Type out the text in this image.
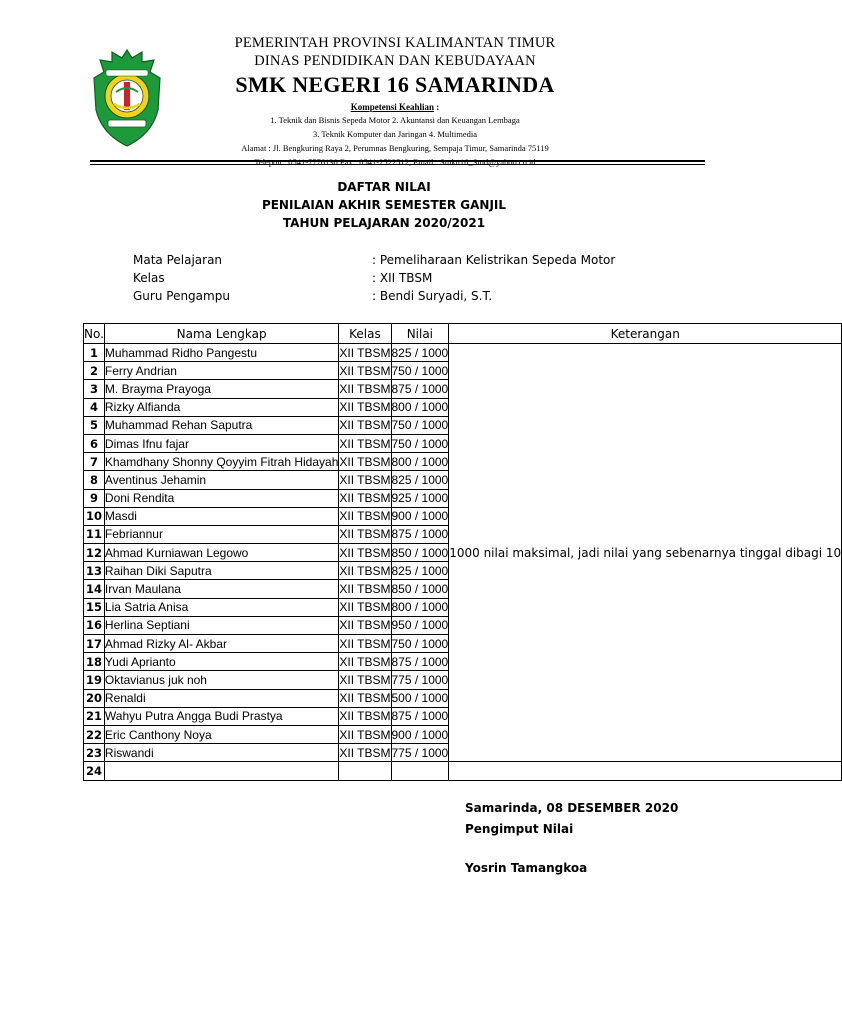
PEMERINTAH PROVINSI KALIMANTAN TIMUR
DINAS PENDIDIKAN DAN KEBUDAYAAN
SMK NEGERI 16 SAMARINDA
Kompetensi Keahlian :
1. Teknik dan Bisnis Sepeda Motor 2. Akuntansi dan Keuangan Lembaga
3. Teknik Komputer dan Jaringan 4. Multimedia
Alamat : Jl. Bengkuring Raya 2, Perumnas Bengkuring, Sempaja Timur, Samarinda 75119
Telepon : 0541-7776130 Fax : 0541-2522512, Email : Smkn16_Smd@yahoo.co.id
DAFTAR NILAI
PENILAIAN AKHIR SEMESTER GANJIL
TAHUN PELAJARAN 2020/2021
Mata Pelajaran	: Pemeliharaan Kelistrikan Sepeda Motor
Kelas	: XII TBSM
Guru Pengampu	: Bendi Suryadi, S.T.
No.	Nama Lengkap	Kelas	Nilai	Keterangan
1	Muhammad Ridho Pangestu	XII TBSM	825 / 1000	1000 nilai maksimal, jadi nilai yang sebenarnya tinggal dibagi 10
2	Ferry Andrian	XII TBSM	750 / 1000	
3	M. Brayma Prayoga	XII TBSM	875 / 1000	
4	Rizky Alfianda	XII TBSM	800 / 1000	
5	Muhammad Rehan Saputra	XII TBSM	750 / 1000	
6	Dimas Ifnu fajar	XII TBSM	750 / 1000	
7	Khamdhany Shonny Qoyyim Fitrah Hidayah	XII TBSM	800 / 1000	
8	Aventinus Jehamin	XII TBSM	825 / 1000	
9	Doni Rendita	XII TBSM	925 / 1000	
10	Masdi	XII TBSM	900 / 1000	
11	Febriannur	XII TBSM	875 / 1000	
12	Ahmad Kurniawan Legowo	XII TBSM	850 / 1000	
13	Raihan Diki Saputra	XII TBSM	825 / 1000	
14	Irvan Maulana	XII TBSM	850 / 1000	
15	Lia Satria Anisa	XII TBSM	800 / 1000	
16	Herlina Septiani	XII TBSM	950 / 1000	
17	Ahmad Rizky Al- Akbar	XII TBSM	750 / 1000	
18	Yudi Aprianto	XII TBSM	875 / 1000	
19	Oktavianus juk noh	XII TBSM	775 / 1000	
20	Renaldi	XII TBSM	500 / 1000	
21	Wahyu Putra Angga Budi Prastya	XII TBSM	875 / 1000	
22	Eric Canthony Noya	XII TBSM	900 / 1000	
23	Riswandi	XII TBSM	775 / 1000	
24				
Samarinda, 08 DESEMBER 2020
Pengimput Nilai
Yosrin Tamangkoa
